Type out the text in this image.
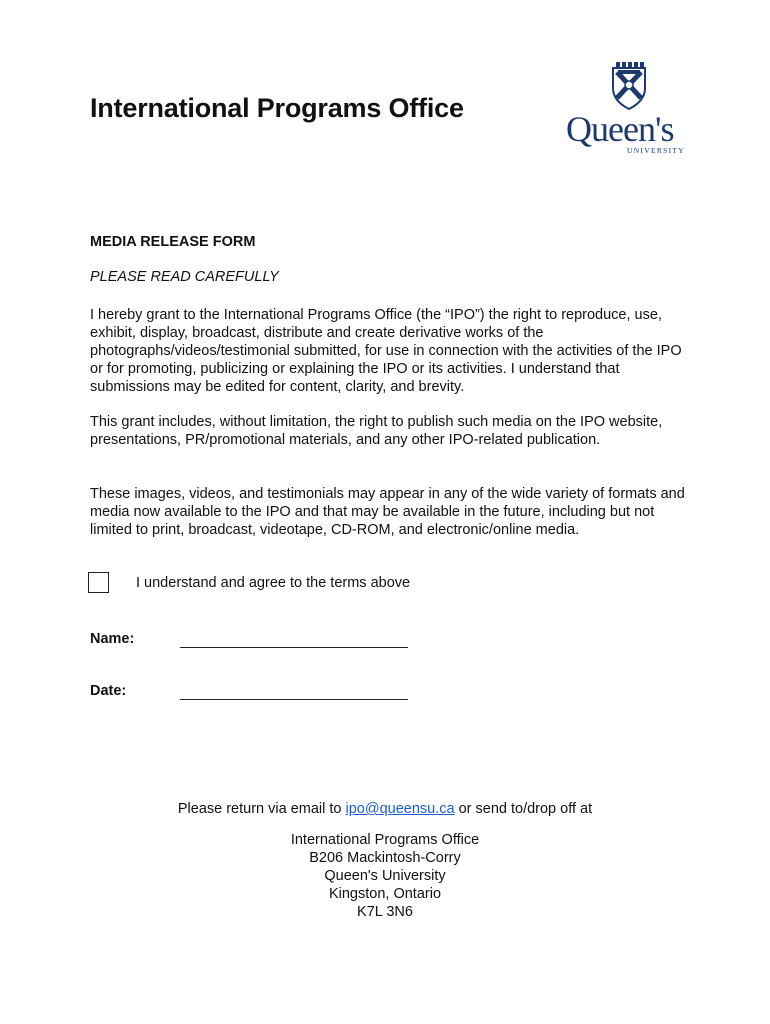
International Programs Office
Queen's
UNIVERSITY
MEDIA RELEASE FORM

PLEASE READ CAREFULLY

I hereby grant to the International Programs Office (the “IPO”) the right to reproduce, use, exhibit, display, broadcast, distribute and create derivative works of the photographs/videos/testimonial submitted, for use in connection with the activities of the IPO or for promoting, publicizing or explaining the IPO or its activities. I understand that submissions may be edited for content, clarity, and brevity.

This grant includes, without limitation, the right to publish such media on the IPO website, presentations, PR/promotional materials, and any other IPO-related publication.

These images, videos, and testimonials may appear in any of the wide variety of formats and media now available to the IPO and that may be available in the future, including but not limited to print, broadcast, videotape, CD-ROM, and electronic/online media.

I understand and agree to the terms above
Name:
Date:

Please return via email to ipo@queensu.ca or send to/drop off at

International Programs Office
B206 Mackintosh-Corry
Queen's University
Kingston, Ontario
K7L 3N6
